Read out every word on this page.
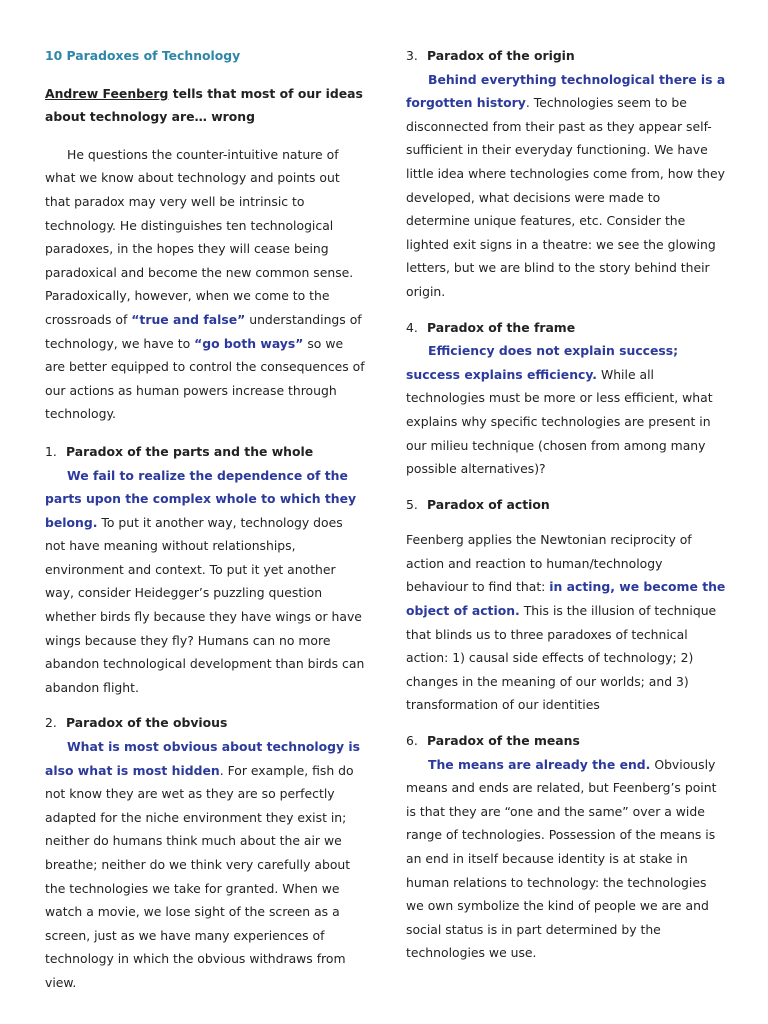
10 Paradoxes of Technology

Andrew Feenberg tells that most of our ideas about technology are… wrong

He questions the counter-intuitive nature of what we know about technology and points out that paradox may very well be intrinsic to technology. He distinguishes ten technological paradoxes, in the hopes they will cease being paradoxical and become the new common sense. Paradoxically, however, when we come to the crossroads of “true and false” understandings of technology, we have to “go both ways” so we are better equipped to control the consequences of our actions as human powers increase through technology.

1. Paradox of the parts and the whole

We fail to realize the dependence of the parts upon the complex whole to which they belong. To put it another way, technology does not have meaning without relationships, environment and context. To put it yet another way, consider Heidegger’s puzzling question whether birds fly because they have wings or have wings because they fly? Humans can no more abandon technological development than birds can abandon flight.

2. Paradox of the obvious

What is most obvious about technology is also what is most hidden. For example, fish do not know they are wet as they are so perfectly adapted for the niche environment they exist in; neither do humans think much about the air we breathe; neither do we think very carefully about the technologies we take for granted. When we watch a movie, we lose sight of the screen as a screen, just as we have many experiences of technology in which the obvious withdraws from view.

3. Paradox of the origin

Behind everything technological there is a forgotten history. Technologies seem to be disconnected from their past as they appear self-sufficient in their everyday functioning. We have little idea where technologies come from, how they developed, what decisions were made to determine unique features, etc. Consider the lighted exit signs in a theatre: we see the glowing letters, but we are blind to the story behind their origin.

4. Paradox of the frame

Efficiency does not explain success; success explains efficiency. While all technologies must be more or less efficient, what explains why specific technologies are present in our milieu technique (chosen from among many possible alternatives)?

5. Paradox of action

Feenberg applies the Newtonian reciprocity of action and reaction to human/technology behaviour to find that: in acting, we become the object of action. This is the illusion of technique that blinds us to three paradoxes of technical action: 1) causal side effects of technology; 2) changes in the meaning of our worlds; and 3) transformation of our identities

6. Paradox of the means

The means are already the end. Obviously means and ends are related, but Feenberg’s point is that they are “one and the same” over a wide range of technologies. Possession of the means is an end in itself because identity is at stake in human relations to technology: the technologies we own symbolize the kind of people we are and social status is in part determined by the technologies we use.
